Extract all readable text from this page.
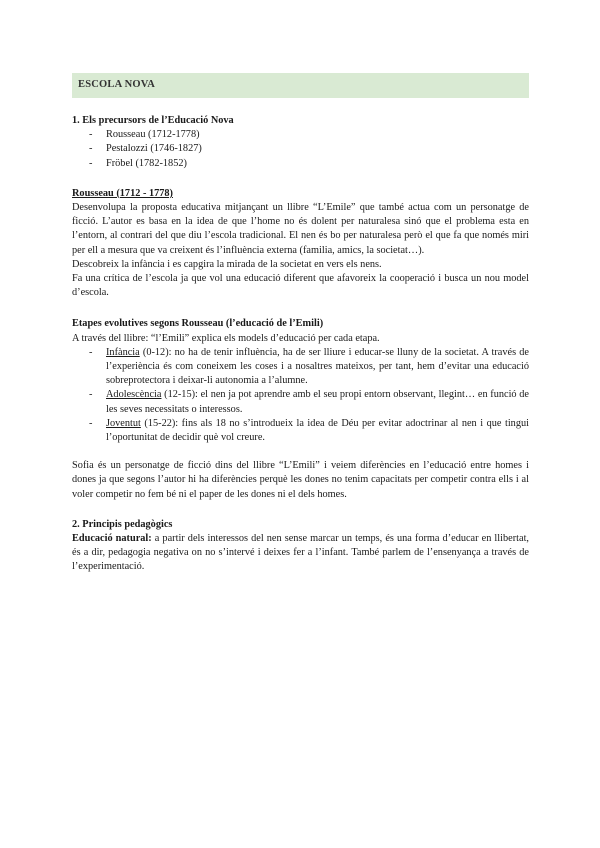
ESCOLA NOVA

1. Els precursors de l’Educació Nova

- Rousseau (1712-1778)
- Pestalozzi (1746-1827)
- Fröbel (1782-1852)

Rousseau (1712 - 1778)

Desenvolupa la proposta educativa mitjançant un llibre “L’Emile” que també actua com un personatge de ficció. L’autor es basa en la idea de que l’home no és dolent per naturalesa sinó que el problema esta en l’entorn, al contrari del que diu l’escola tradicional. El nen és bo per naturalesa però el que fa que només miri per ell a mesura que va creixent és l’influència externa (familia, amics, la societat…).

Descobreix la infància i es capgira la mirada de la societat en vers els nens.

Fa una crítica de l’escola ja que vol una educació diferent que afavoreix la cooperació i busca un nou model d’escola.

Etapes evolutives segons Rousseau (l’educació de l’Emili)

A través del llibre: “l’Emili” explica els models d’educació per cada etapa.

- Infància (0-12): no ha de tenir influència, ha de ser lliure i educar-se lluny de la societat. A través de l’experiència és com coneixem les coses i a nosaltres mateixos, per tant, hem d’evitar una educació sobreprotectora i deixar-li autonomia a l’alumne.
- Adolescència (12-15): el nen ja pot aprendre amb el seu propi entorn observant, llegint… en funció de les seves necessitats o interessos.
- Joventut (15-22): fins als 18 no s’introdueix la idea de Déu per evitar adoctrinar al nen i que tingui l’oportunitat de decidir què vol creure.

Sofia és un personatge de ficció dins del llibre “L’Emili” i veiem diferències en l’educació entre homes i dones ja que segons l’autor hi ha diferències perquè les dones no tenim capacitats per competir contra ells i al voler competir no fem bé ni el paper de les dones ni el dels homes.

2. Principis pedagògics

Educació natural: a partir dels interessos del nen sense marcar un temps, és una forma d’educar en llibertat, és a dir, pedagogia negativa on no s’intervé i deixes fer a l’infant. També parlem de l’ensenyança a través de l’experimentació.
